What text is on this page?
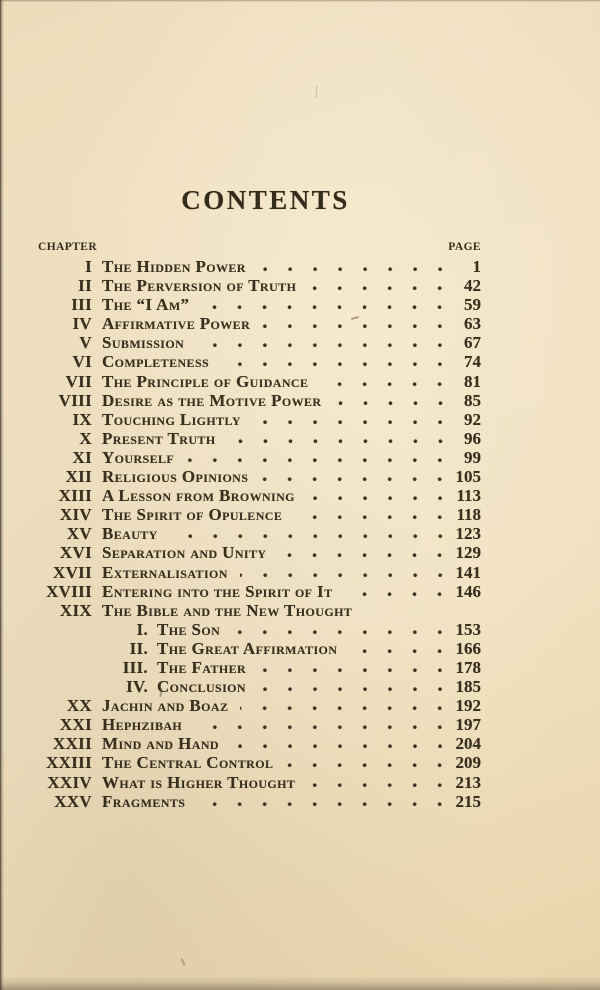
CONTENTS
CHAPTER	PAGE
I The Hidden Power	1
II The Perversion of Truth	42
III The “I Am”	59
IV Affirmative Power	63
V Submission	67
VI Completeness	74
VII The Principle of Guidance	81
VIII Desire as the Motive Power	85
IX Touching Lightly	92
X Present Truth	96
XI Yourself	99
XII Religious Opinions	105
XIII A Lesson from Browning	113
XIV The Spirit of Opulence	118
XV Beauty	123
XVI Separation and Unity	129
XVII Externalisation	141
XVIII Entering into the Spirit of It	146
XIX The Bible and the New Thought
I. The Son	153
II. The Great Affirmation	166
III. The Father	178
IV. Conclusion	185
XX Jachin and Boaz	192
XXI Hephzibah	197
XXII Mind and Hand	204
XXIII The Central Control	209
XXIV What is Higher Thought	213
XXV Fragments	215
